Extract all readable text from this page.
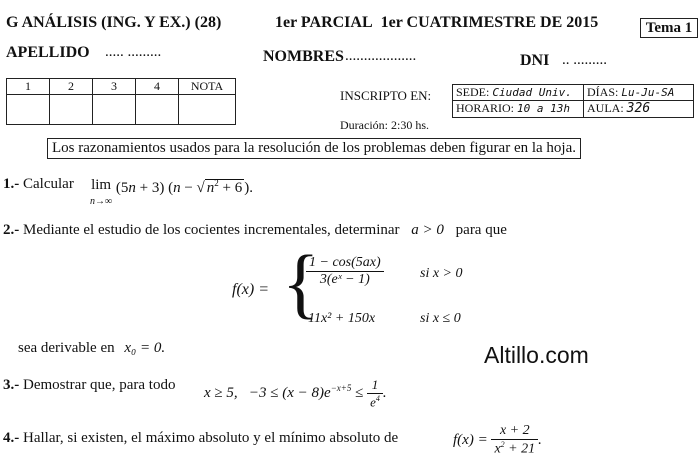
G ANÁLISIS (ING. Y EX.) (28)	1er PARCIAL 1er CUATRIMESTRE DE 2015	Tema 1
APELLIDO ..... .........	NOMBRES ...................	DNI .. .........
1	2	3	4	NOTA

INSCRIPTO EN: SEDE: Ciudad Univ.	DÍAS: Lu-Ju-SA
HORARIO: 10 a 13h	AULA: 326
Duración: 2:30 hs.
Los razonamientos usados para la resolución de los problemas deben figurar en la hoja.
1.- Calcular lim
n→∞ (5n + 3) (n − √ $n^2 + 6$ ).
2.- Mediante el estudio de los cocientes incrementales, determinar a > 0 para que
f(x) = {
$\frac{1 - \cos(5ax)}{\text{3(eˣ − 1)}}$	si x > 0
11x² + 150x	si x ≤ 0
sea derivable en x₀ = 0.	Altillo.com
3.- Demostrar que, para todo
x ≥ 5,   $-3 \le (x - 8)e^{-x+5} \le \frac{1}{e^4}$ .
4.- Hallar, si existen, el máximo absoluto y el mínimo absoluto de	$f(x) = \frac{x + 2}{x^2 + 21}$ .
